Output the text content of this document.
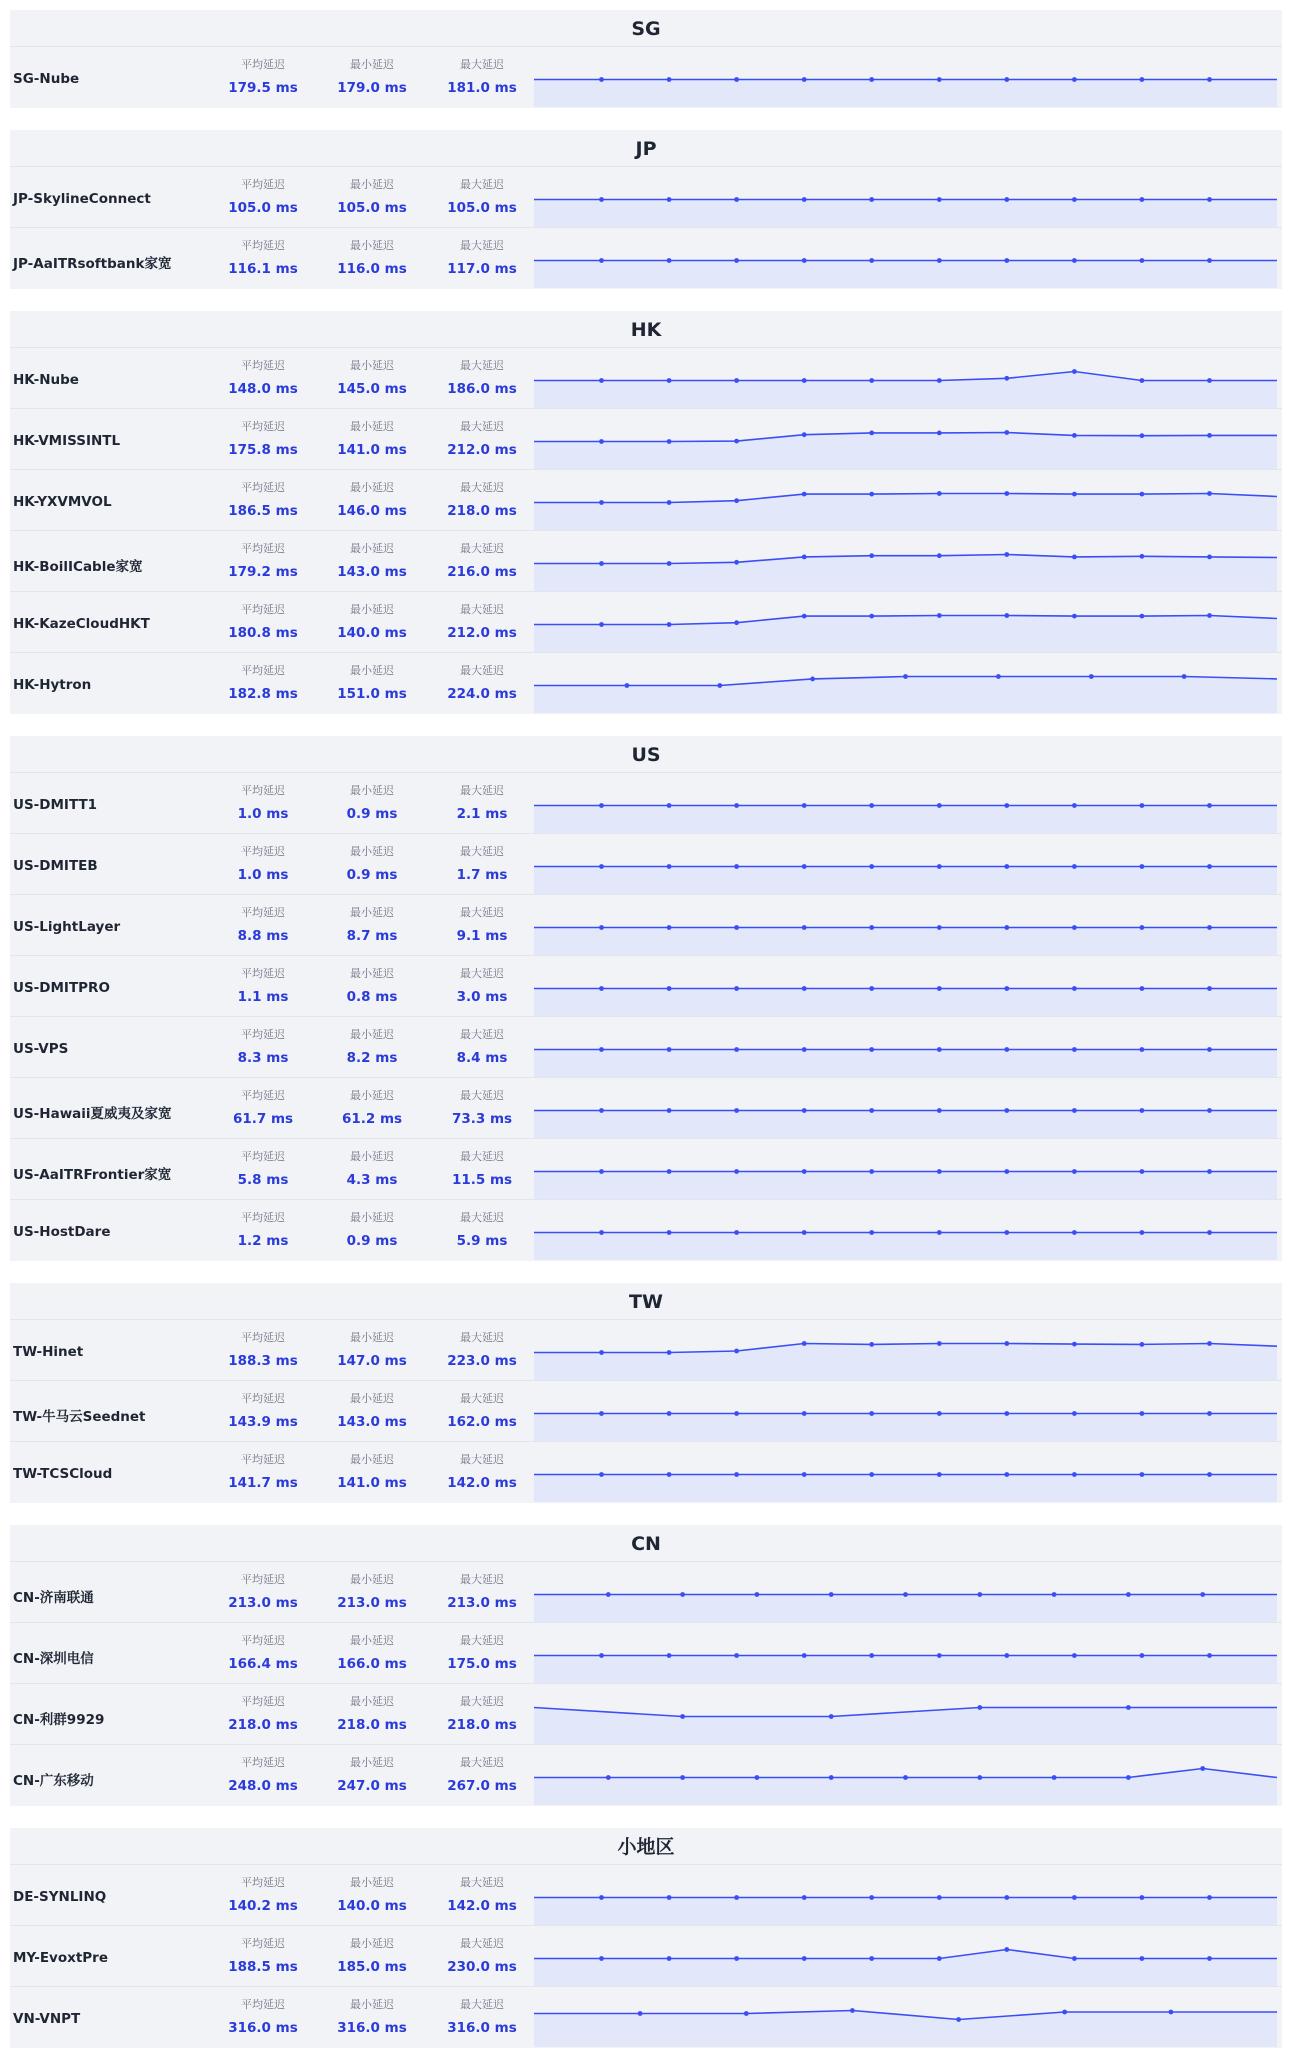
SG
SG-Nube
平均延迟
179.5 ms
最小延迟
179.0 ms
最大延迟
181.0 ms
JP
JP-SkylineConnect
平均延迟
105.0 ms
最小延迟
105.0 ms
最大延迟
105.0 ms
JP-AaITRsoftbank家宽
平均延迟
116.1 ms
最小延迟
116.0 ms
最大延迟
117.0 ms
HK
HK-Nube
平均延迟
148.0 ms
最小延迟
145.0 ms
最大延迟
186.0 ms
HK-VMISSINTL
平均延迟
175.8 ms
最小延迟
141.0 ms
最大延迟
212.0 ms
HK-YXVMVOL
平均延迟
186.5 ms
最小延迟
146.0 ms
最大延迟
218.0 ms
HK-BoilICable家宽
平均延迟
179.2 ms
最小延迟
143.0 ms
最大延迟
216.0 ms
HK-KazeCloudHKT
平均延迟
180.8 ms
最小延迟
140.0 ms
最大延迟
212.0 ms
HK-Hytron
平均延迟
182.8 ms
最小延迟
151.0 ms
最大延迟
224.0 ms
US
US-DMITT1
平均延迟
1.0 ms
最小延迟
0.9 ms
最大延迟
2.1 ms
US-DMITEB
平均延迟
1.0 ms
最小延迟
0.9 ms
最大延迟
1.7 ms
US-LightLayer
平均延迟
8.8 ms
最小延迟
8.7 ms
最大延迟
9.1 ms
US-DMITPRO
平均延迟
1.1 ms
最小延迟
0.8 ms
最大延迟
3.0 ms
US-VPS
平均延迟
8.3 ms
最小延迟
8.2 ms
最大延迟
8.4 ms
US-Hawaii夏威夷及家宽
平均延迟
61.7 ms
最小延迟
61.2 ms
最大延迟
73.3 ms
US-AaITRFrontier家宽
平均延迟
5.8 ms
最小延迟
4.3 ms
最大延迟
11.5 ms
US-HostDare
平均延迟
1.2 ms
最小延迟
0.9 ms
最大延迟
5.9 ms
TW
TW-Hinet
平均延迟
188.3 ms
最小延迟
147.0 ms
最大延迟
223.0 ms
TW-牛马云Seednet
平均延迟
143.9 ms
最小延迟
143.0 ms
最大延迟
162.0 ms
TW-TCSCloud
平均延迟
141.7 ms
最小延迟
141.0 ms
最大延迟
142.0 ms
CN
CN-济南联通
平均延迟
213.0 ms
最小延迟
213.0 ms
最大延迟
213.0 ms
CN-深圳电信
平均延迟
166.4 ms
最小延迟
166.0 ms
最大延迟
175.0 ms
CN-利群9929
平均延迟
218.0 ms
最小延迟
218.0 ms
最大延迟
218.0 ms
CN-广东移动
平均延迟
248.0 ms
最小延迟
247.0 ms
最大延迟
267.0 ms
小地区
DE-SYNLINQ
平均延迟
140.2 ms
最小延迟
140.0 ms
最大延迟
142.0 ms
MY-EvoxtPre
平均延迟
188.5 ms
最小延迟
185.0 ms
最大延迟
230.0 ms
VN-VNPT
平均延迟
316.0 ms
最小延迟
316.0 ms
最大延迟
316.0 ms
